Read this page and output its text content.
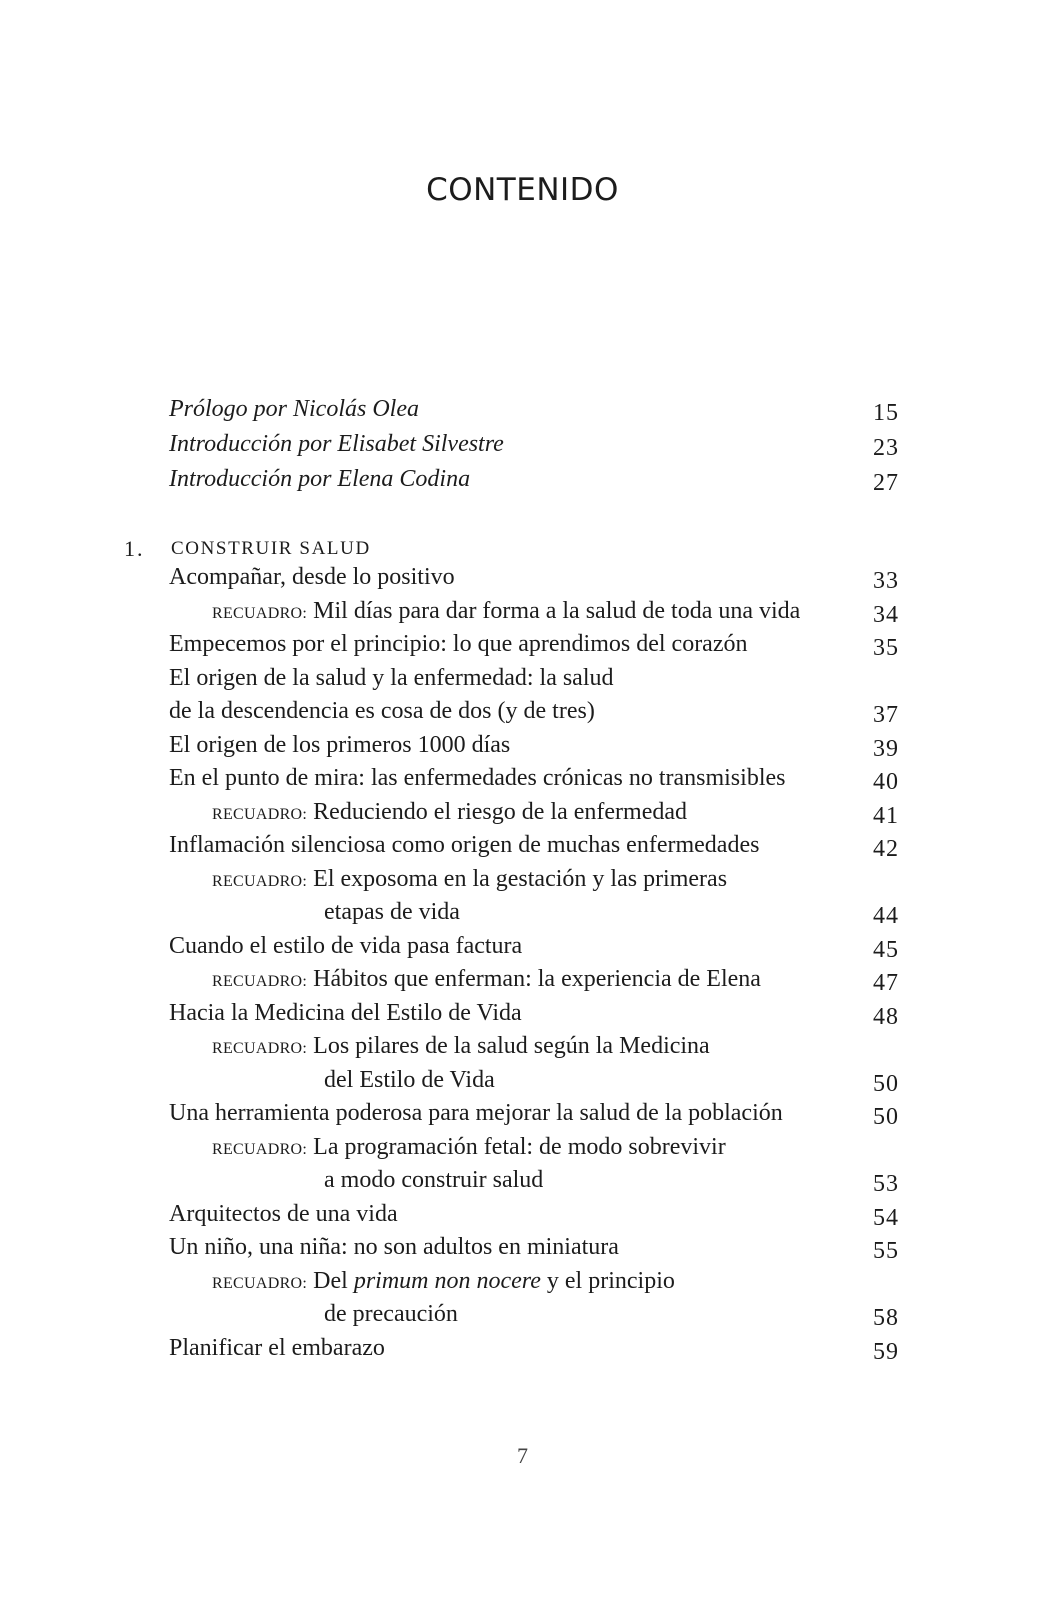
CONTENIDO
Prólogo por Nicolás Olea	15
Introducción por Elisabet Silvestre	23
Introducción por Elena Codina	27
1. CONSTRUIR SALUD
Acompañar, desde lo positivo	33
RECUADRO: Mil días para dar forma a la salud de toda una vida	34
Empecemos por el principio: lo que aprendimos del corazón	35
El origen de la salud y la enfermedad: la salud
de la descendencia es cosa de dos (y de tres)	37
El origen de los primeros 1000 días	39
En el punto de mira: las enfermedades crónicas no transmisibles	40
RECUADRO: Reduciendo el riesgo de la enfermedad	41
Inflamación silenciosa como origen de muchas enfermedades	42
RECUADRO: El exposoma en la gestación y las primeras
etapas de vida	44
Cuando el estilo de vida pasa factura	45
RECUADRO: Hábitos que enferman: la experiencia de Elena	47
Hacia la Medicina del Estilo de Vida	48
RECUADRO: Los pilares de la salud según la Medicina
del Estilo de Vida	50
Una herramienta poderosa para mejorar la salud de la población	50
RECUADRO: La programación fetal: de modo sobrevivir
a modo construir salud	53
Arquitectos de una vida	54
Un niño, una niña: no son adultos en miniatura	55
RECUADRO: Del primum non nocere y el principio
de precaución	58
Planificar el embarazo	59
7
